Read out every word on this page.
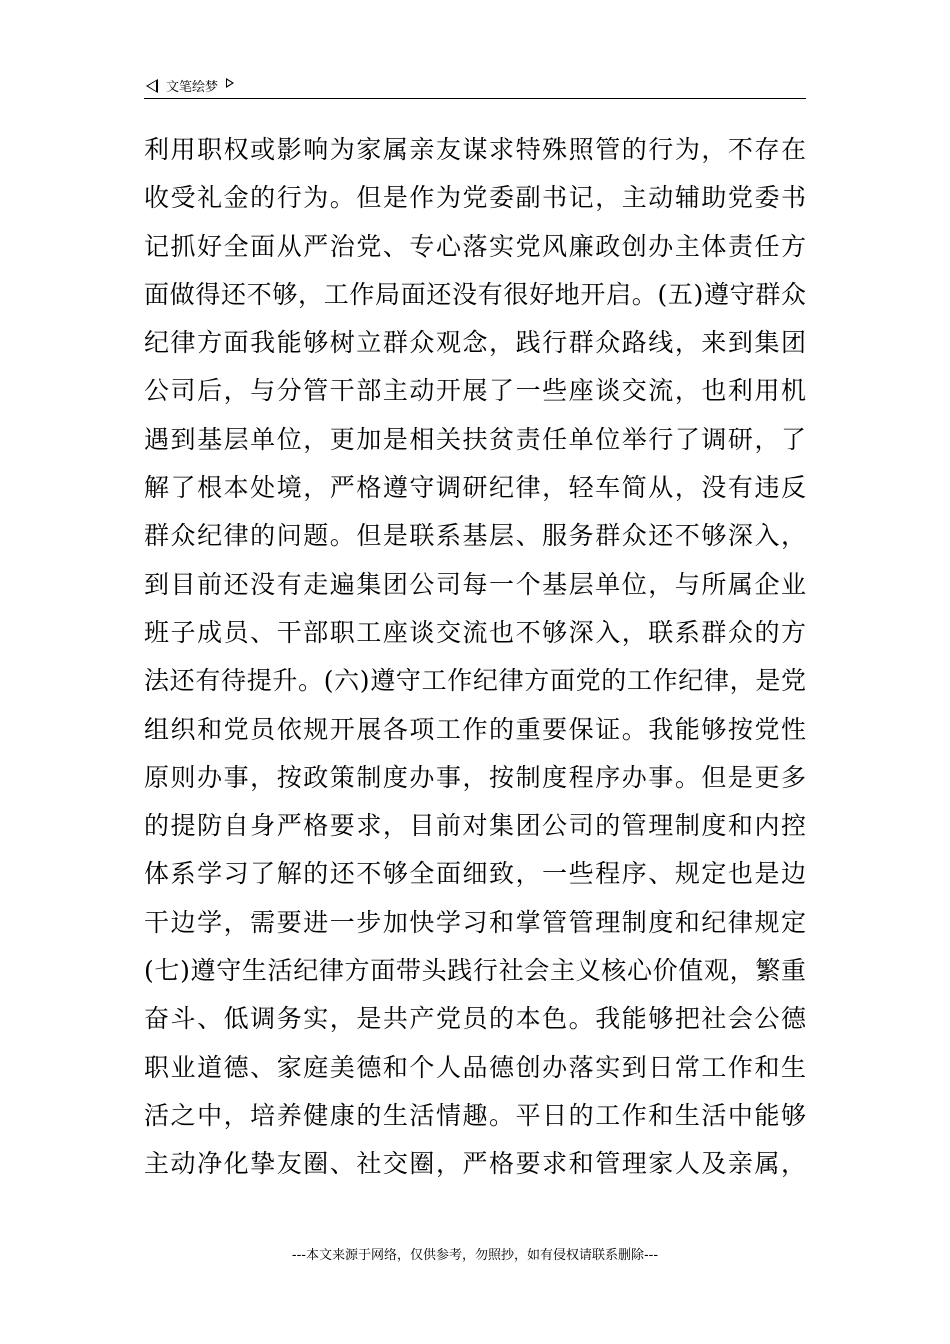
文笔绘梦
利用职权或影响为家属亲友谋求特殊照管的行为，不存在
收受礼金的行为。但是作为党委副书记，主动辅助党委书
记抓好全面从严治党、专心落实党风廉政创办主体责任方
面做得还不够，工作局面还没有很好地开启。(五)遵守群众
纪律方面我能够树立群众观念，践行群众路线，来到集团
公司后，与分管干部主动开展了一些座谈交流，也利用机
遇到基层单位，更加是相关扶贫责任单位举行了调研，了
解了根本处境，严格遵守调研纪律，轻车简从，没有违反
群众纪律的问题。但是联系基层、服务群众还不够深入，
到目前还没有走遍集团公司每一个基层单位，与所属企业
班子成员、干部职工座谈交流也不够深入，联系群众的方
法还有待提升。(六)遵守工作纪律方面党的工作纪律，是党
组织和党员依规开展各项工作的重要保证。我能够按党性
原则办事，按政策制度办事，按制度程序办事。但是更多
的提防自身严格要求，目前对集团公司的管理制度和内控
体系学习了解的还不够全面细致，一些程序、规定也是边
干边学，需要进一步加快学习和掌管管理制度和纪律规定
(七)遵守生活纪律方面带头践行社会主义核心价值观，繁重
奋斗、低调务实，是共产党员的本色。我能够把社会公德
职业道德、家庭美德和个人品德创办落实到日常工作和生
活之中，培养健康的生活情趣。平日的工作和生活中能够
主动净化挚友圈、社交圈，严格要求和管理家人及亲属，
---本文来源于网络，仅供参考，勿照抄，如有侵权请联系删除---
